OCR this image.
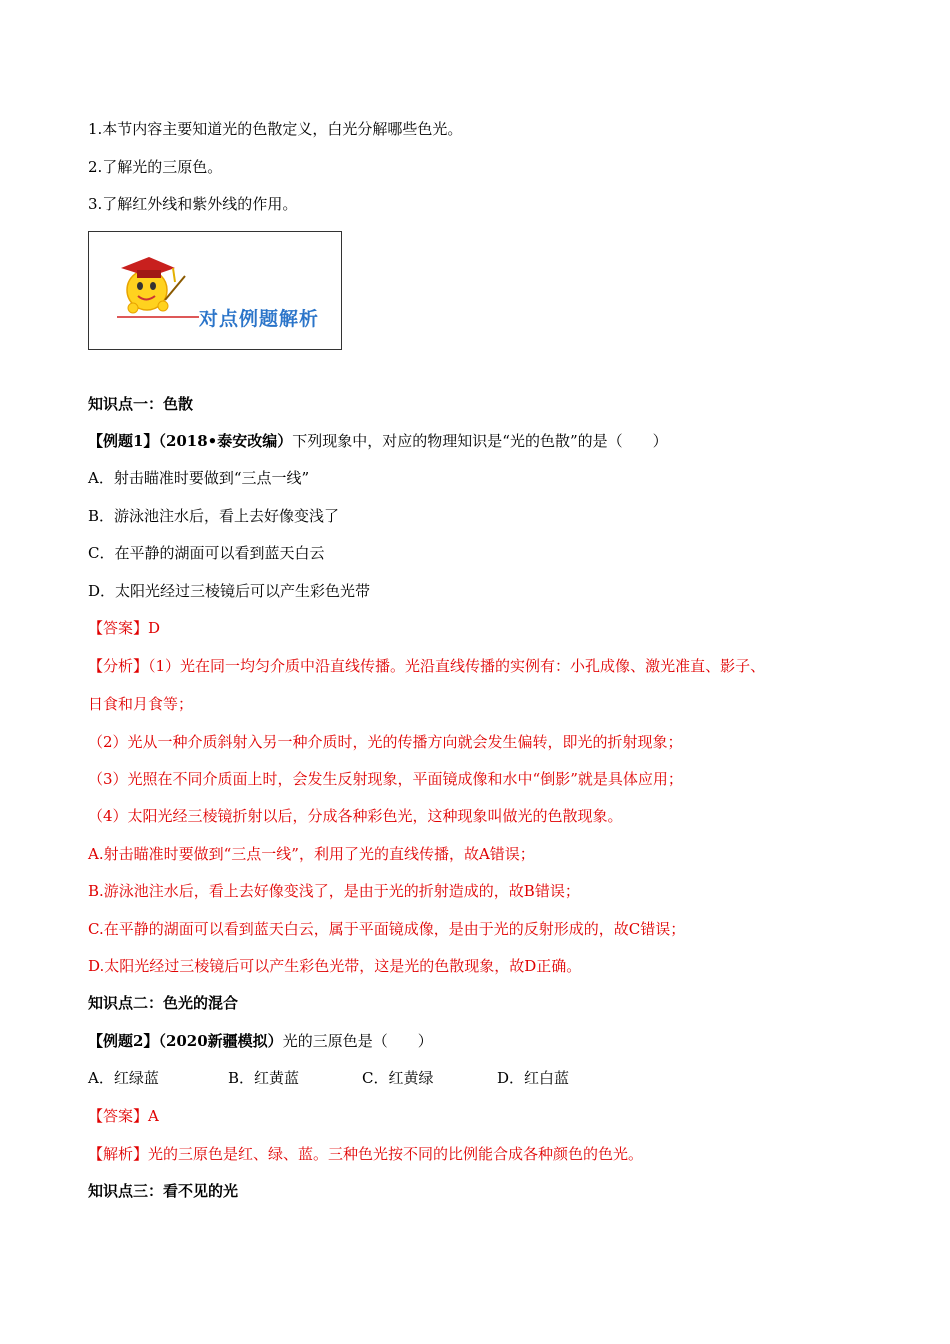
1.本节内容主要知道光的色散定义，白光分解哪些色光。
2.了解光的三原色。
3.了解红外线和紫外线的作用。
对点例题解析
知识点一：色散
【例题1】（2018•泰安改编）下列现象中，对应的物理知识是“光的色散”的是（　　）
A．射击瞄准时要做到“三点一线”
B．游泳池注水后，看上去好像变浅了
C．在平静的湖面可以看到蓝天白云
D．太阳光经过三棱镜后可以产生彩色光带
【答案】D
【分析】（1）光在同一均匀介质中沿直线传播。光沿直线传播的实例有：小孔成像、激光准直、影子、
日食和月食等；
（2）光从一种介质斜射入另一种介质时，光的传播方向就会发生偏转，即光的折射现象；
（3）光照在不同介质面上时，会发生反射现象，平面镜成像和水中“倒影”就是具体应用；
（4）太阳光经三棱镜折射以后，分成各种彩色光，这种现象叫做光的色散现象。
A.射击瞄准时要做到“三点一线”，利用了光的直线传播，故A错误；
B.游泳池注水后，看上去好像变浅了，是由于光的折射造成的，故B错误；
C.在平静的湖面可以看到蓝天白云，属于平面镜成像，是由于光的反射形成的，故C错误；
D.太阳光经过三棱镜后可以产生彩色光带，这是光的色散现象，故D正确。
知识点二：色光的混合
【例题2】（2020新疆模拟）光的三原色是（　　）
A．红绿蓝	B．红黄蓝	C．红黄绿	D．红白蓝
【答案】A
【解析】光的三原色是红、绿、蓝。三种色光按不同的比例能合成各种颜色的色光。
知识点三：看不见的光
